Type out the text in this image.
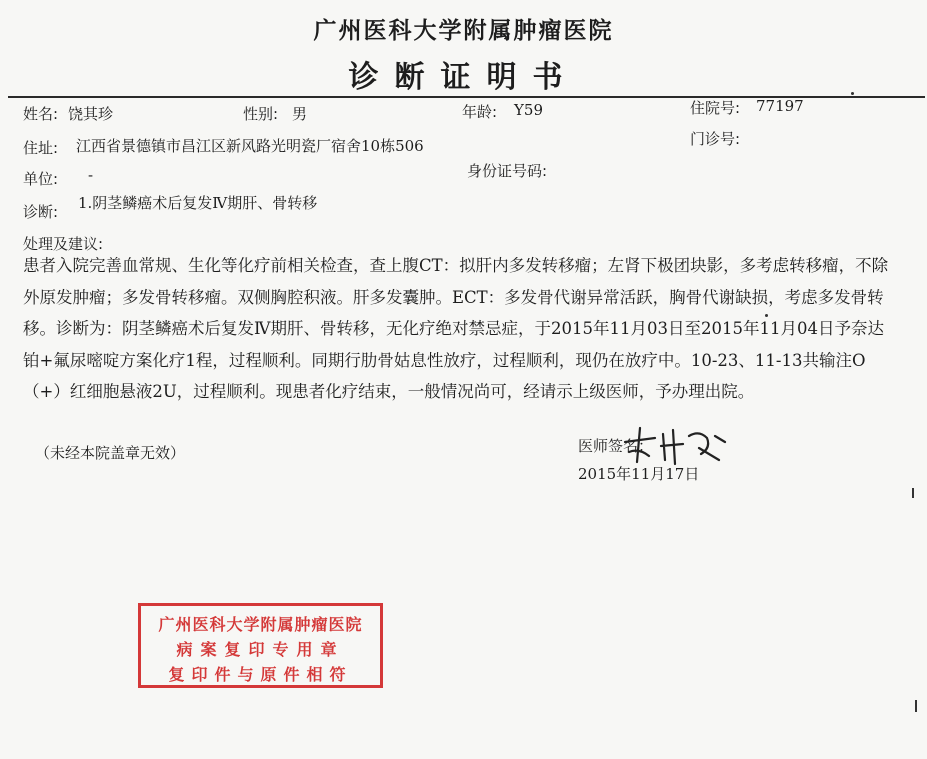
广州医科大学附属肿瘤医院
诊断证明书
姓名: 饶其珍	性别: 男	年龄: Y59	住院号: 77197
住址: 江西省景德镇市昌江区新风路光明瓷厂宿舍10栋506	门诊号:
单位: -	身份证号码:
诊断: 1.阴茎鳞癌术后复发Ⅳ期肝、骨转移
处理及建议:
患者入院完善血常规、生化等化疗前相关检查，查上腹CT：拟肝内多发转移瘤；左肾下极团块影，多考虑转移瘤，不除外原发肿瘤；多发骨转移瘤。双侧胸腔积液。肝多发囊肿。ECT：多发骨代谢异常活跃，胸骨代谢缺损，考虑多发骨转移。诊断为：阴茎鳞癌术后复发Ⅳ期肝、骨转移，无化疗绝对禁忌症，于2015年11月03日至2015年11月04日予奈达铂+氟尿嘧啶方案化疗1程，过程顺利。同期行肋骨姑息性放疗，过程顺利，现仍在放疗中。10-23、11-13共输注O（+）红细胞悬液2U，过程顺利。现患者化疗结束，一般情况尚可，经请示上级医师，予办理出院。
（未经本院盖章无效）	医师签名：
2015年11月17日
广州医科大学附属肿瘤医院
病案复印专用章
复印件与原件相符
